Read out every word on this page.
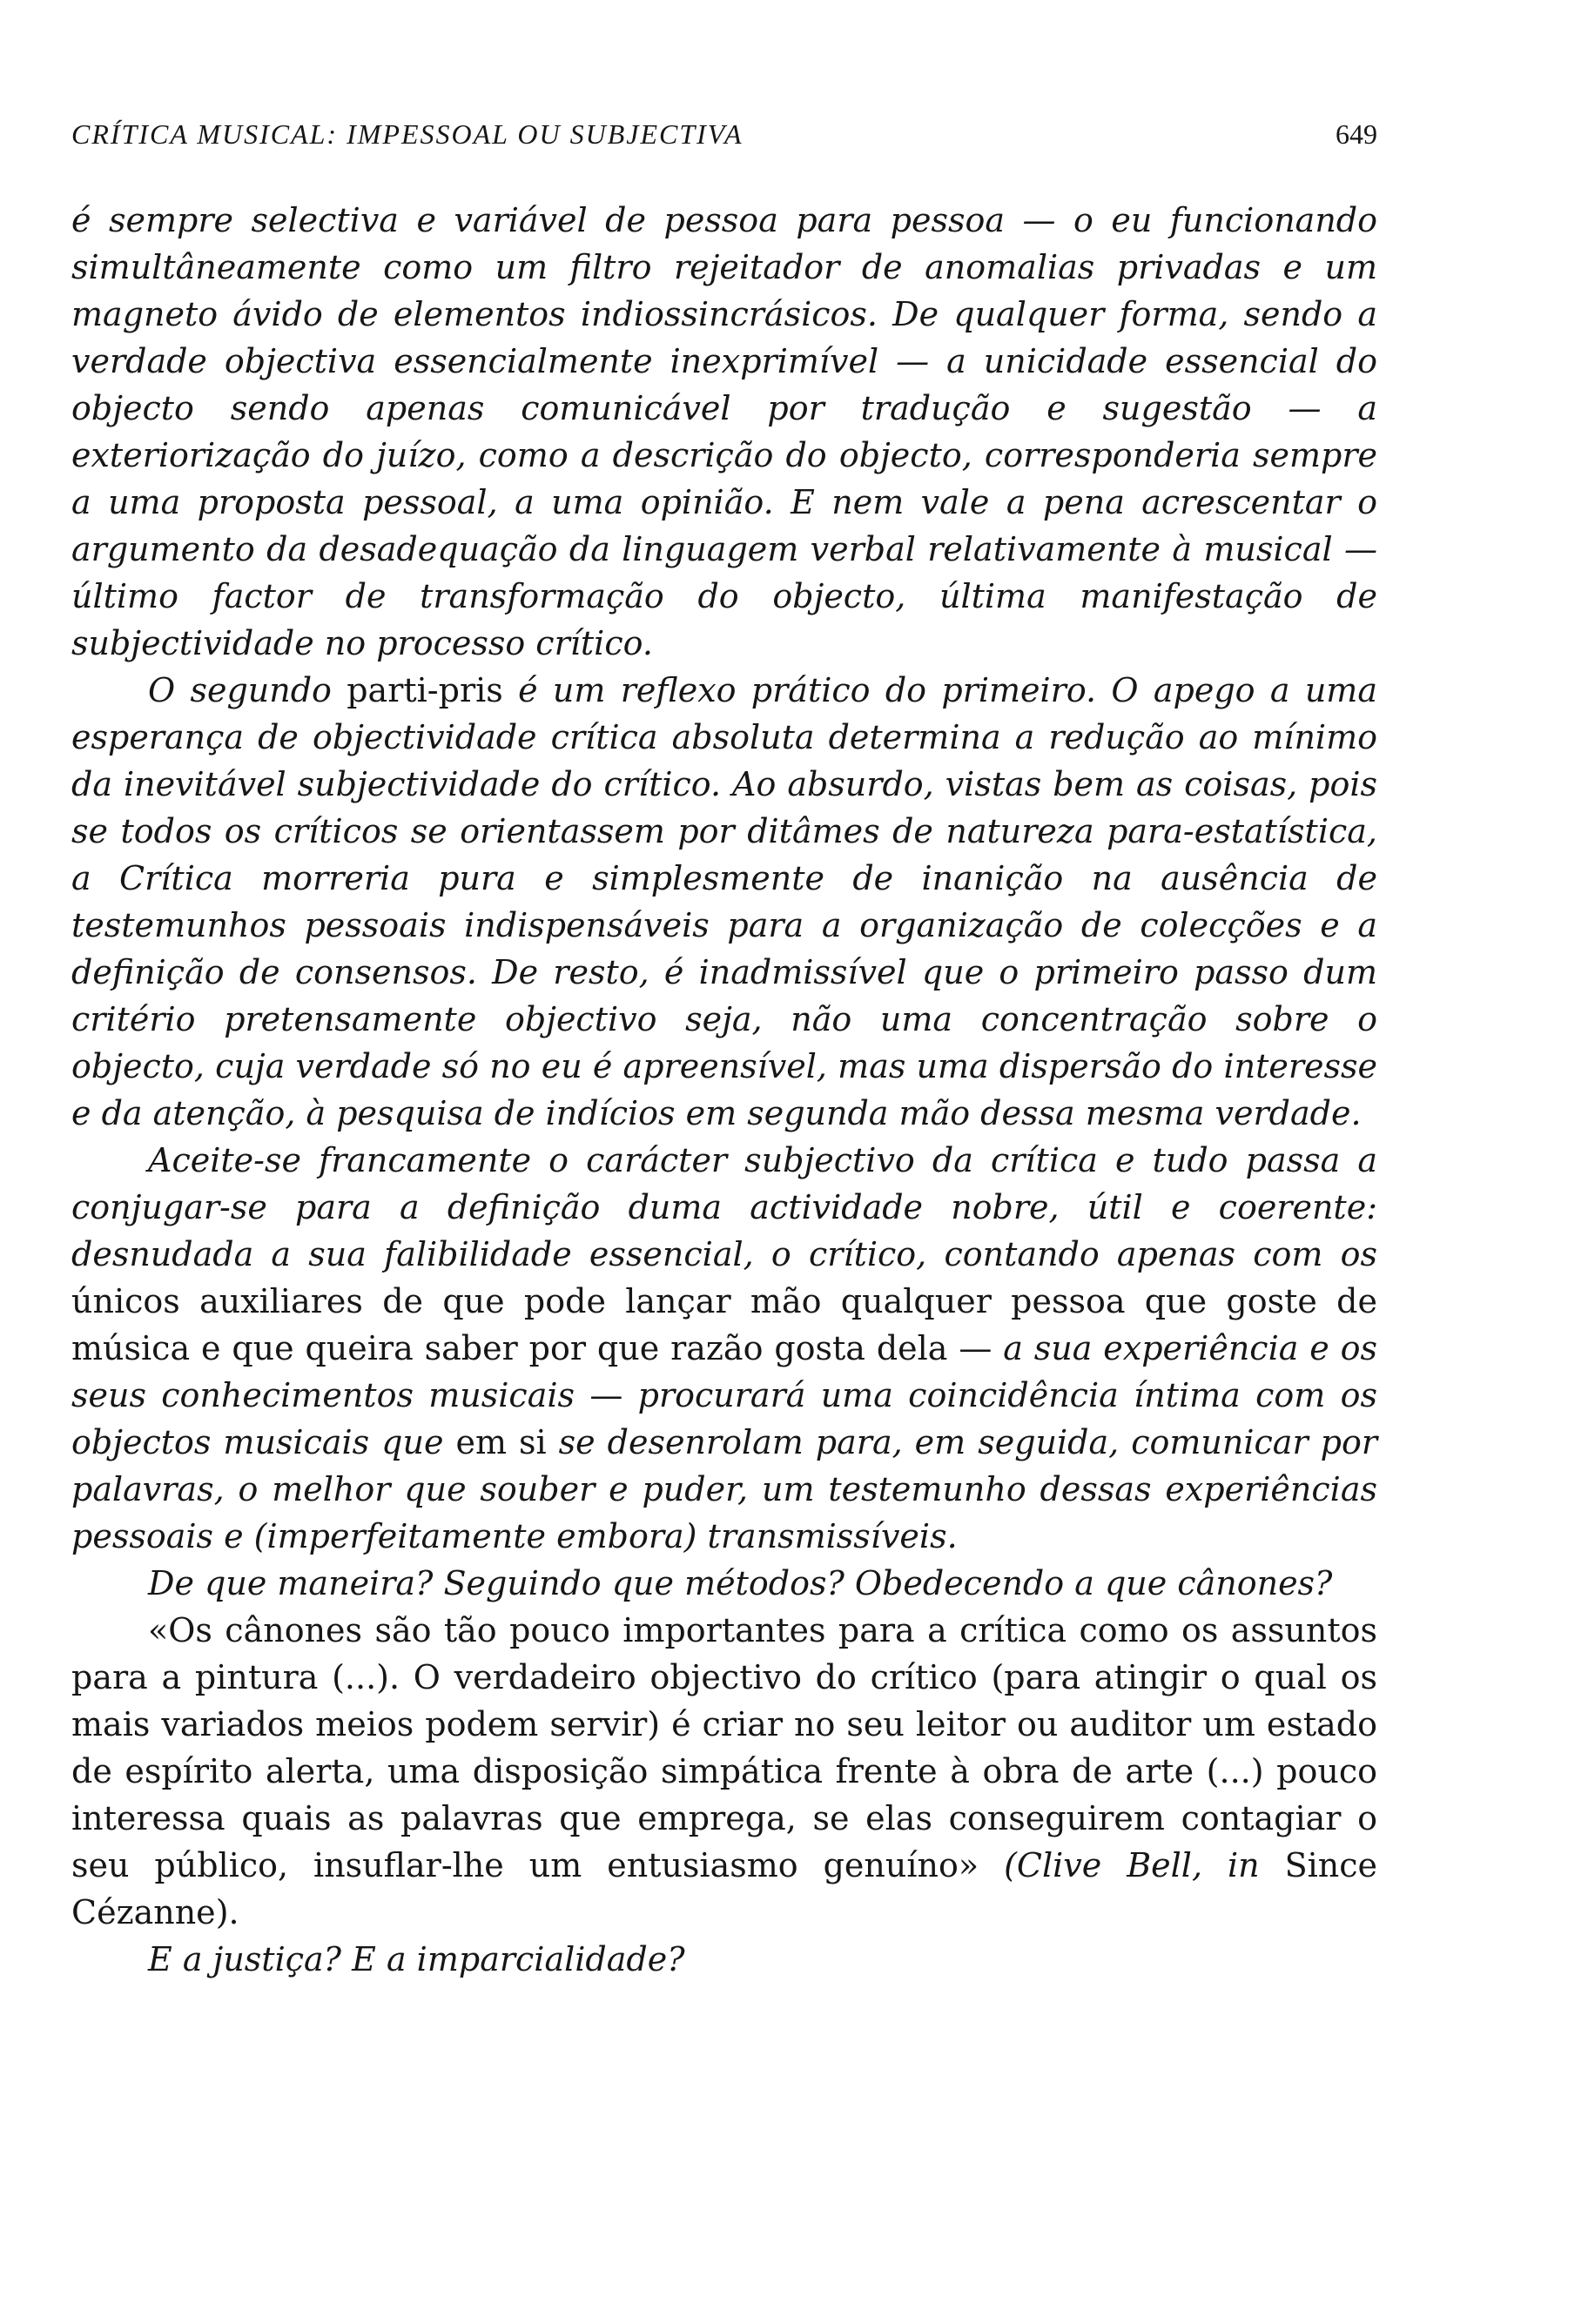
CRÍTICA MUSICAL: IMPESSOAL OU SUBJECTIVA	649

é sempre selectiva e variável de pessoa para pessoa — o eu funcionando simultâneamente como um filtro rejeitador de anomalias privadas e um magneto ávido de elementos indiossincrásicos. De qualquer forma, sendo a verdade objectiva essencialmente inexprimível — a unicidade essencial do objecto sendo apenas comunicável por tradução e sugestão — a exteriorização do juízo, como a descrição do objecto, corresponderia sempre a uma proposta pessoal, a uma opinião. E nem vale a pena acrescentar o argumento da desadequação da linguagem verbal relativamente à musical — último factor de transformação do objecto, última manifestação de subjectividade no processo crítico.

O segundo parti-pris é um reflexo prático do primeiro. O apego a uma esperança de objectividade crítica absoluta determina a redução ao mínimo da inevitável subjectividade do crítico. Ao absurdo, vistas bem as coisas, pois se todos os críticos se orientassem por ditâmes de natureza para-estatística, a Crítica morreria pura e simplesmente de inanição na ausência de testemunhos pessoais indispensáveis para a organização de colecções e a definição de consensos. De resto, é inadmissível que o primeiro passo dum critério pretensamente objectivo seja, não uma concentração sobre o objecto, cuja verdade só no eu é apreensível, mas uma dispersão do interesse e da atenção, à pesquisa de indícios em segunda mão dessa mesma verdade.

Aceite-se francamente o carácter subjectivo da crítica e tudo passa a conjugar-se para a definição duma actividade nobre, útil e coerente: desnudada a sua falibilidade essencial, o crítico, contando apenas com os únicos auxiliares de que pode lançar mão qualquer pessoa que goste de música e que queira saber por que razão gosta dela — a sua experiência e os seus conhecimentos musicais — procurará uma coincidência íntima com os objectos musicais que em si se desenrolam para, em seguida, comunicar por palavras, o melhor que souber e puder, um testemunho dessas experiências pessoais e (imperfeitamente embora) transmissíveis.

De que maneira? Seguindo que métodos? Obedecendo a que cânones?

«Os cânones são tão pouco importantes para a crítica como os assuntos para a pintura (...). O verdadeiro objectivo do crítico (para atingir o qual os mais variados meios podem servir) é criar no seu leitor ou auditor um estado de espírito alerta, uma disposição simpática frente à obra de arte (...) pouco interessa quais as palavras que emprega, se elas conseguirem contagiar o seu público, insuflar-lhe um entusiasmo genuíno» (Clive Bell, in Since Cézanne).

E a justiça? E a imparcialidade?
